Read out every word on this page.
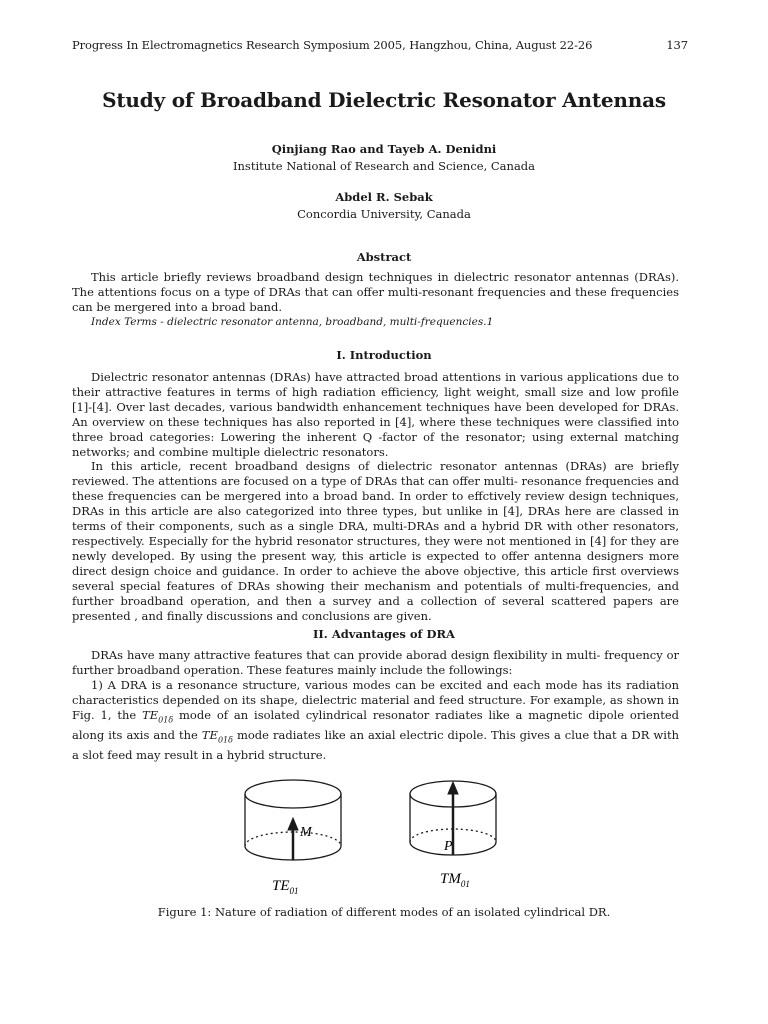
Progress In Electromagnetics Research Symposium 2005, Hangzhou, China, August 22-26	137
Study of Broadband Dielectric Resonator Antennas
Qinjiang Rao and Tayeb A. Denidni
Institute National of Research and Science, Canada
Abdel R. Sebak
Concordia University, Canada
Abstract

This article briefly reviews broadband design techniques in dielectric resonator antennas (DRAs). The attentions focus on a type of DRAs that can offer multi-resonant frequencies and these frequencies can be mergered into a broad band.

Index Terms - dielectric resonator antenna, broadband, multi-frequencies.1

I. Introduction

Dielectric resonator antennas (DRAs) have attracted broad attentions in various applications due to their attractive features in terms of high radiation efficiency, light weight, small size and low profile [1]-[4]. Over last decades, various bandwidth enhancement techniques have been developed for DRAs. An overview on these techniques has also reported in [4], where these techniques were classified into three broad categories: Lowering the inherent Q -factor of the resonator; using external matching networks; and combine multiple dielectric resonators.

In this article, recent broadband designs of dielectric resonator antennas (DRAs) are briefly reviewed. The attentions are focused on a type of DRAs that can offer multi- resonance frequencies and these frequencies can be mergered into a broad band. In order to effctively review design techniques, DRAs in this article are also categorized into three types, but unlike in [4], DRAs here are classed in terms of their components, such as a single DRA, multi-DRAs and a hybrid DR with other resonators, respectively. Especially for the hybrid resonator structures, they were not mentioned in [4] for they are newly developed. By using the present way, this article is expected to offer antenna designers more direct design choice and guidance. In order to achieve the above objective, this article first overviews several special features of DRAs showing their mechanism and potentials of multi-frequencies, and further broadband operation, and then a survey and a collection of several scattered papers are presented , and finally discussions and conclusions are given.

II. Advantages of DRA

DRAs have many attractive features that can provide aborad design flexibility in multi- frequency or further broadband operation. These features mainly include the followings:

1) A DRA is a resonance structure, various modes can be excited and each mode has its radiation characteristics depended on its shape, dielectric material and feed structure. For example, as shown in Fig. 1, the $TE_{01\delta}$ mode of an isolated cylindrical resonator radiates like a magnetic dipole oriented along its axis and the $TE_{01\delta}$ mode radiates like an axial electric dipole. This gives a clue that a DR with a slot feed may result in a hybrid structure.

M
P
$TE_{01}$
$TM_{01}$
Figure 1: Nature of radiation of different modes of an isolated cylindrical DR.
